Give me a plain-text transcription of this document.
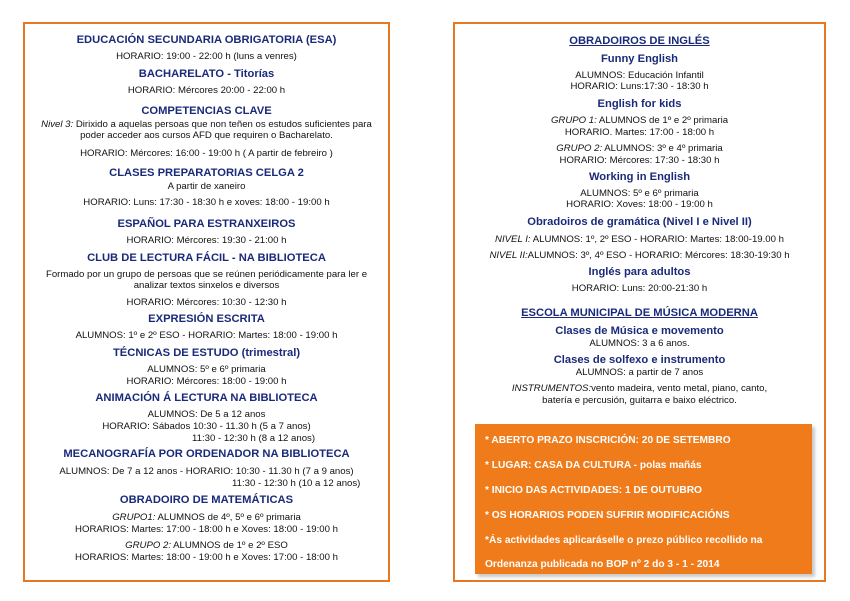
EDUCACIÓN SECUNDARIA OBRIGATORIA (ESA)
HORARIO: 19:00 - 22:00 h (luns a venres)
BACHARELATO - Titorías
HORARIO: Mércores 20:00 - 22:00 h
COMPETENCIAS CLAVE
Nivel 3: Dirixido a aquelas persoas que non teñen os estudos suficientes para
poder acceder aos cursos AFD que requiren o Bacharelato.
HORARIO: Mércores: 16:00 - 19:00 h ( A partir de febreiro )
CLASES PREPARATORIAS CELGA 2
A partir de xaneiro
HORARIO: Luns: 17:30 - 18:30 h e xoves: 18:00 - 19:00 h
ESPAÑOL PARA ESTRANXEIROS
HORARIO: Mércores: 19:30 - 21:00 h
CLUB DE LECTURA FÁCIL - NA BIBLIOTECA
Formado por un grupo de persoas que se reúnen periódicamente para ler e
analizar textos sinxelos e diversos
HORARIO: Mércores: 10:30 - 12:30 h
EXPRESIÓN ESCRITA
ALUMNOS: 1º e 2º ESO - HORARIO: Martes: 18:00 - 19:00 h
TÉCNICAS DE ESTUDO (trimestral)
ALUMNOS: 5º e 6º primaria
HORARIO: Mércores: 18:00 - 19:00 h
ANIMACIÓN Á LECTURA NA BIBLIOTECA
ALUMNOS: De 5 a 12 anos
HORARIO: Sábados 10:30 - 11.30 h (5 a 7 anos)
11:30 - 12:30 h (8 a 12 anos)
MECANOGRAFÍA POR ORDENADOR NA BIBLIOTECA
ALUMNOS: De 7 a 12 anos - HORARIO: 10:30 - 11.30 h (7 a 9 anos)
11:30 - 12:30 h (10 a 12 anos)
OBRADOIRO DE MATEMÁTICAS
GRUPO1: ALUMNOS de 4º, 5º e 6º primaria
HORARIOS: Martes: 17:00 - 18:00 h e Xoves: 18:00 - 19:00 h
GRUPO 2: ALUMNOS de 1º e 2º ESO
HORARIOS: Martes: 18:00 - 19:00 h e Xoves: 17:00 - 18:00 h
OBRADOIROS DE INGLÉS
Funny English
ALUMNOS: Educación Infantil
HORARIO: Luns:17:30 - 18:30 h
English for kids
GRUPO 1: ALUMNOS de 1º e 2º primaria
HORARIO. Martes: 17:00 - 18:00 h
GRUPO 2: ALUMNOS: 3º e 4º primaria
HORARIO: Mércores: 17:30 - 18:30 h
Working in English
ALUMNOS: 5º e 6º primaria
HORARIO: Xoves: 18:00 - 19:00 h
Obradoiros de gramática (Nivel I e Nivel II)
NIVEL I: ALUMNOS: 1º, 2º ESO - HORARIO: Martes: 18:00-19.00 h
NIVEL II:ALUMNOS: 3º, 4º ESO - HORARIO: Mércores: 18:30-19:30 h
Inglés para adultos
HORARIO: Luns: 20:00-21:30 h
ESCOLA MUNICIPAL DE MÚSICA MODERNA
Clases de Música e movemento
ALUMNOS: 3 a 6 anos.
Clases de solfexo e instrumento
ALUMNOS: a partir de 7 anos
INSTRUMENTOS:vento madeira, vento metal, piano, canto,
batería e percusión, guitarra e baixo eléctrico.
* ABERTO PRAZO INSCRICIÓN: 20 DE SETEMBRO
* LUGAR: CASA DA CULTURA - polas mañás
* INICIO DAS ACTIVIDADES: 1 DE OUTUBRO
* OS HORARIOS PODEN SUFRIR MODIFICACIÓNS
*Ás actividades aplicaráselle o prezo público recollido na
Ordenanza publicada no BOP nº 2 do 3 - 1 - 2014
